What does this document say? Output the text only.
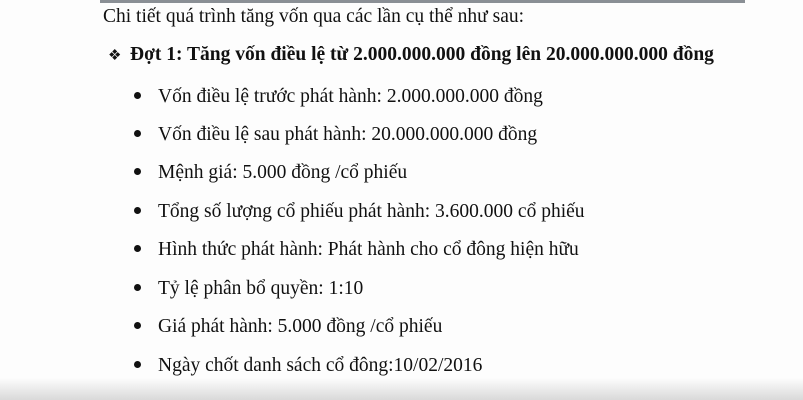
Chi tiết quá trình tăng vốn qua các lần cụ thể như sau:
❖ Đợt 1: Tăng vốn điều lệ từ 2.000.000.000 đồng lên 20.000.000.000 đồng
Vốn điều lệ trước phát hành: 2.000.000.000 đồng
Vốn điều lệ sau phát hành: 20.000.000.000 đồng
Mệnh giá: 5.000 đồng /cổ phiếu
Tổng số lượng cổ phiếu phát hành: 3.600.000 cổ phiếu
Hình thức phát hành: Phát hành cho cổ đông hiện hữu
Tỷ lệ phân bổ quyền: 1:10
Giá phát hành: 5.000 đồng /cổ phiếu
Ngày chốt danh sách cổ đông:10/02/2016
